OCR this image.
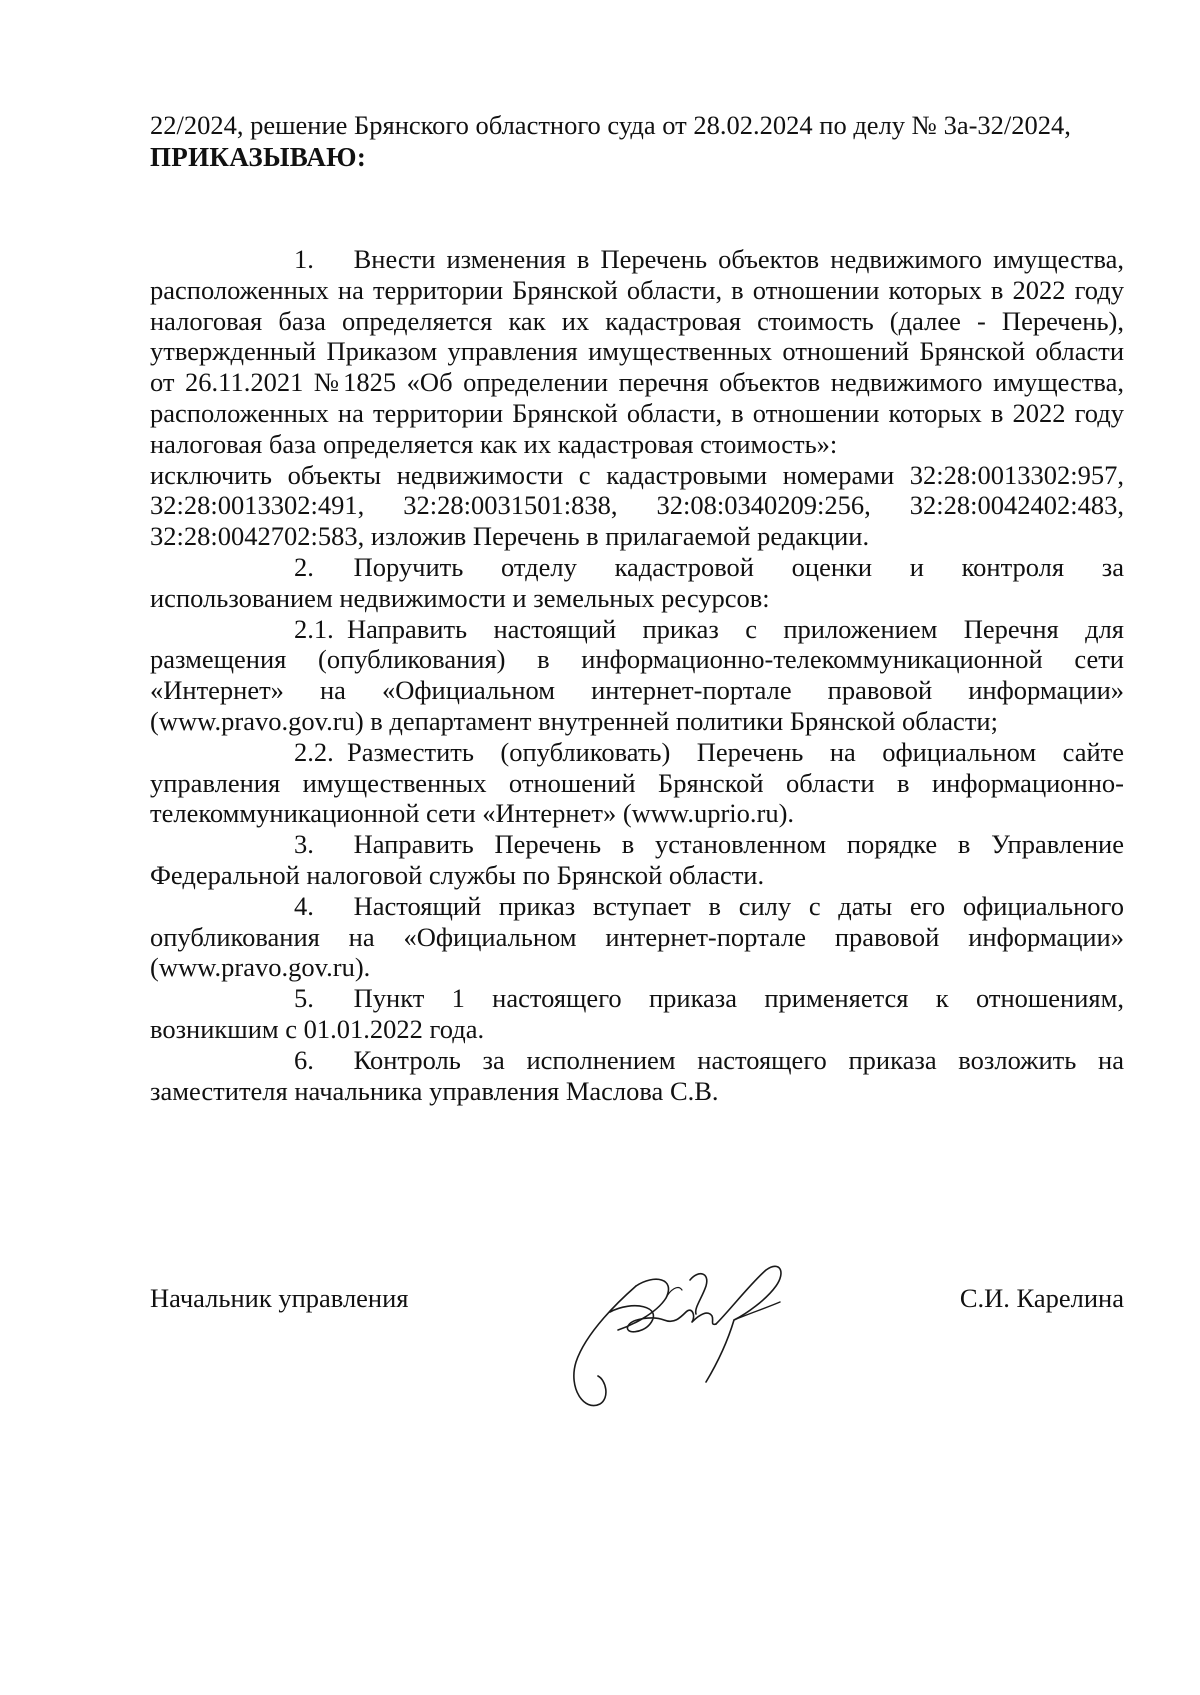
22/2024, решение Брянского областного суда от 28.02.2024 по делу № 3а-32/2024,

ПРИКАЗЫВАЮ:

1.   Внести изменения в Перечень объектов недвижимого имущества, расположенных на территории Брянской области, в отношении которых в 2022 году налоговая база определяется как их кадастровая стоимость (далее - Перечень), утвержденный Приказом управления имущественных отношений Брянской области от 26.11.2021 №1825 «Об определении перечня объектов недвижимого имущества, расположенных на территории Брянской области, в отношении которых в 2022 году налоговая база определяется как их кадастровая стоимость»:

исключить объекты недвижимости с кадастровыми номерами 32:28:0013302:957, 32:28:0013302:491, 32:28:0031501:838, 32:08:0340209:256, 32:28:0042402:483, 32:28:0042702:583, изложив Перечень в прилагаемой редакции.

2.   Поручить отделу кадастровой оценки и контроля за использованием недвижимости и земельных ресурсов:

2.1.  Направить настоящий приказ с приложением Перечня для размещения (опубликования) в информационно-телекоммуникационной сети «Интернет» на «Официальном интернет-портале правовой информации» (www.pravo.gov.ru) в департамент внутренней политики Брянской области;

2.2.  Разместить (опубликовать) Перечень на официальном сайте управления имущественных отношений Брянской области в информационно-телекоммуникационной сети «Интернет» (www.uprio.ru).

3.   Направить Перечень в установленном порядке в Управление Федеральной налоговой службы по Брянской области.

4.   Настоящий приказ вступает в силу с даты его официального опубликования на «Официальном интернет-портале правовой информации» (www.pravo.gov.ru).

5.   Пункт 1 настоящего приказа применяется к отношениям, возникшим с 01.01.2022 года.

6.   Контроль за исполнением настоящего приказа возложить на заместителя начальника управления Маслова С.В.

Начальник управления	С.И. Карелина
